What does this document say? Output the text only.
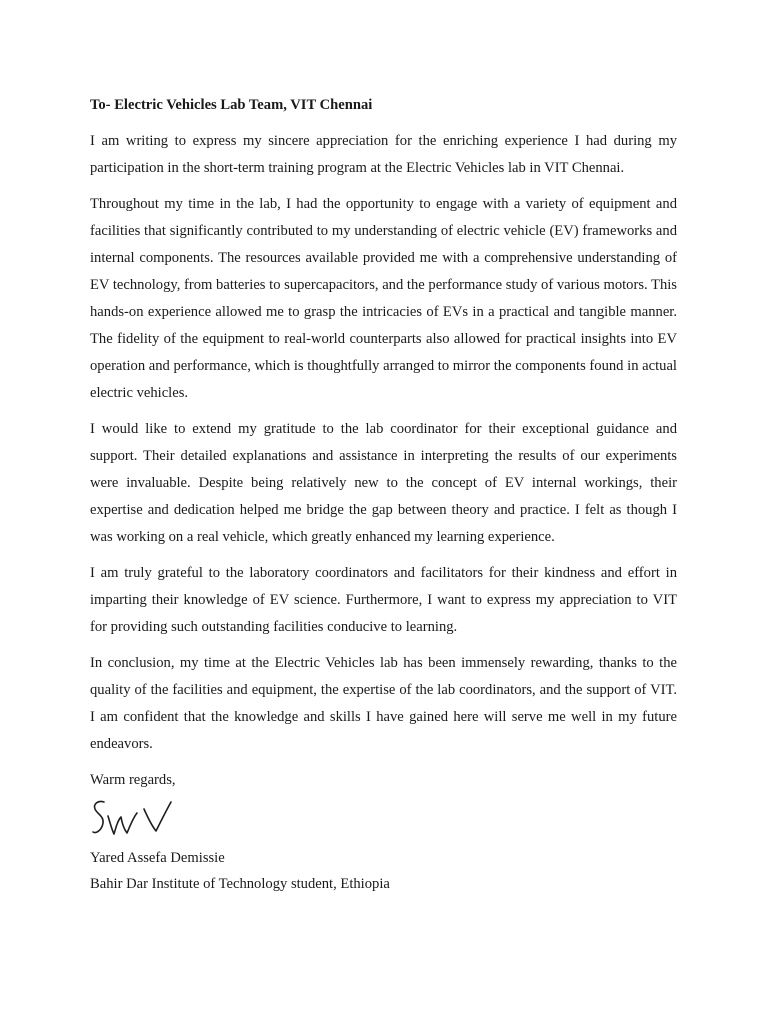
To- Electric Vehicles Lab Team, VIT Chennai

I am writing to express my sincere appreciation for the enriching experience I had during my participation in the short-term training program at the Electric Vehicles lab in VIT Chennai.

Throughout my time in the lab, I had the opportunity to engage with a variety of equipment and facilities that significantly contributed to my understanding of electric vehicle (EV) frameworks and internal components. The resources available provided me with a comprehensive understanding of EV technology, from batteries to supercapacitors, and the performance study of various motors. This hands-on experience allowed me to grasp the intricacies of EVs in a practical and tangible manner. The fidelity of the equipment to real-world counterparts also allowed for practical insights into EV operation and performance, which is thoughtfully arranged to mirror the components found in actual electric vehicles.

I would like to extend my gratitude to the lab coordinator for their exceptional guidance and support. Their detailed explanations and assistance in interpreting the results of our experiments were invaluable. Despite being relatively new to the concept of EV internal workings, their expertise and dedication helped me bridge the gap between theory and practice. I felt as though I was working on a real vehicle, which greatly enhanced my learning experience.

I am truly grateful to the laboratory coordinators and facilitators for their kindness and effort in imparting their knowledge of EV science. Furthermore, I want to express my appreciation to VIT for providing such outstanding facilities conducive to learning.

In conclusion, my time at the Electric Vehicles lab has been immensely rewarding, thanks to the quality of the facilities and equipment, the expertise of the lab coordinators, and the support of VIT. I am confident that the knowledge and skills I have gained here will serve me well in my future endeavors.

Warm regards,

Yared Assefa Demissie

Bahir Dar Institute of Technology student, Ethiopia
